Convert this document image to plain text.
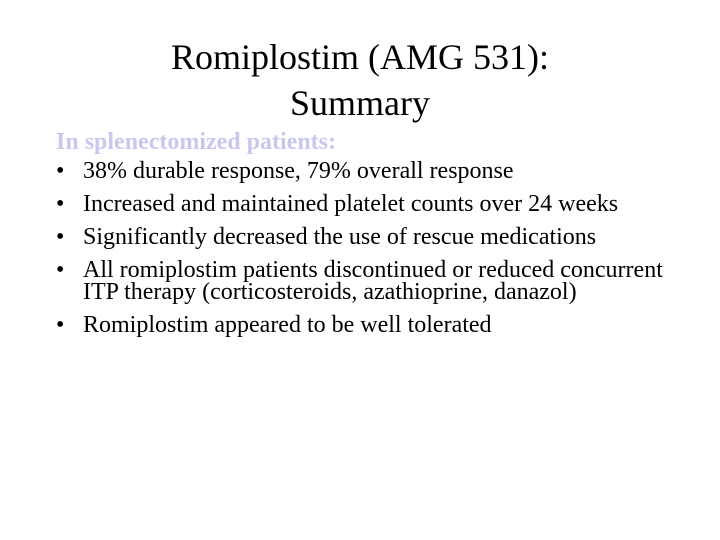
Romiplostim (AMG 531):
Summary
In splenectomized patients:
• 38% durable response, 79% overall response
• Increased and maintained platelet counts over 24 weeks
• Significantly decreased the use of rescue medications
• All romiplostim patients discontinued or reduced concurrent ITP therapy (corticosteroids, azathioprine, danazol)
• Romiplostim appeared to be well tolerated
